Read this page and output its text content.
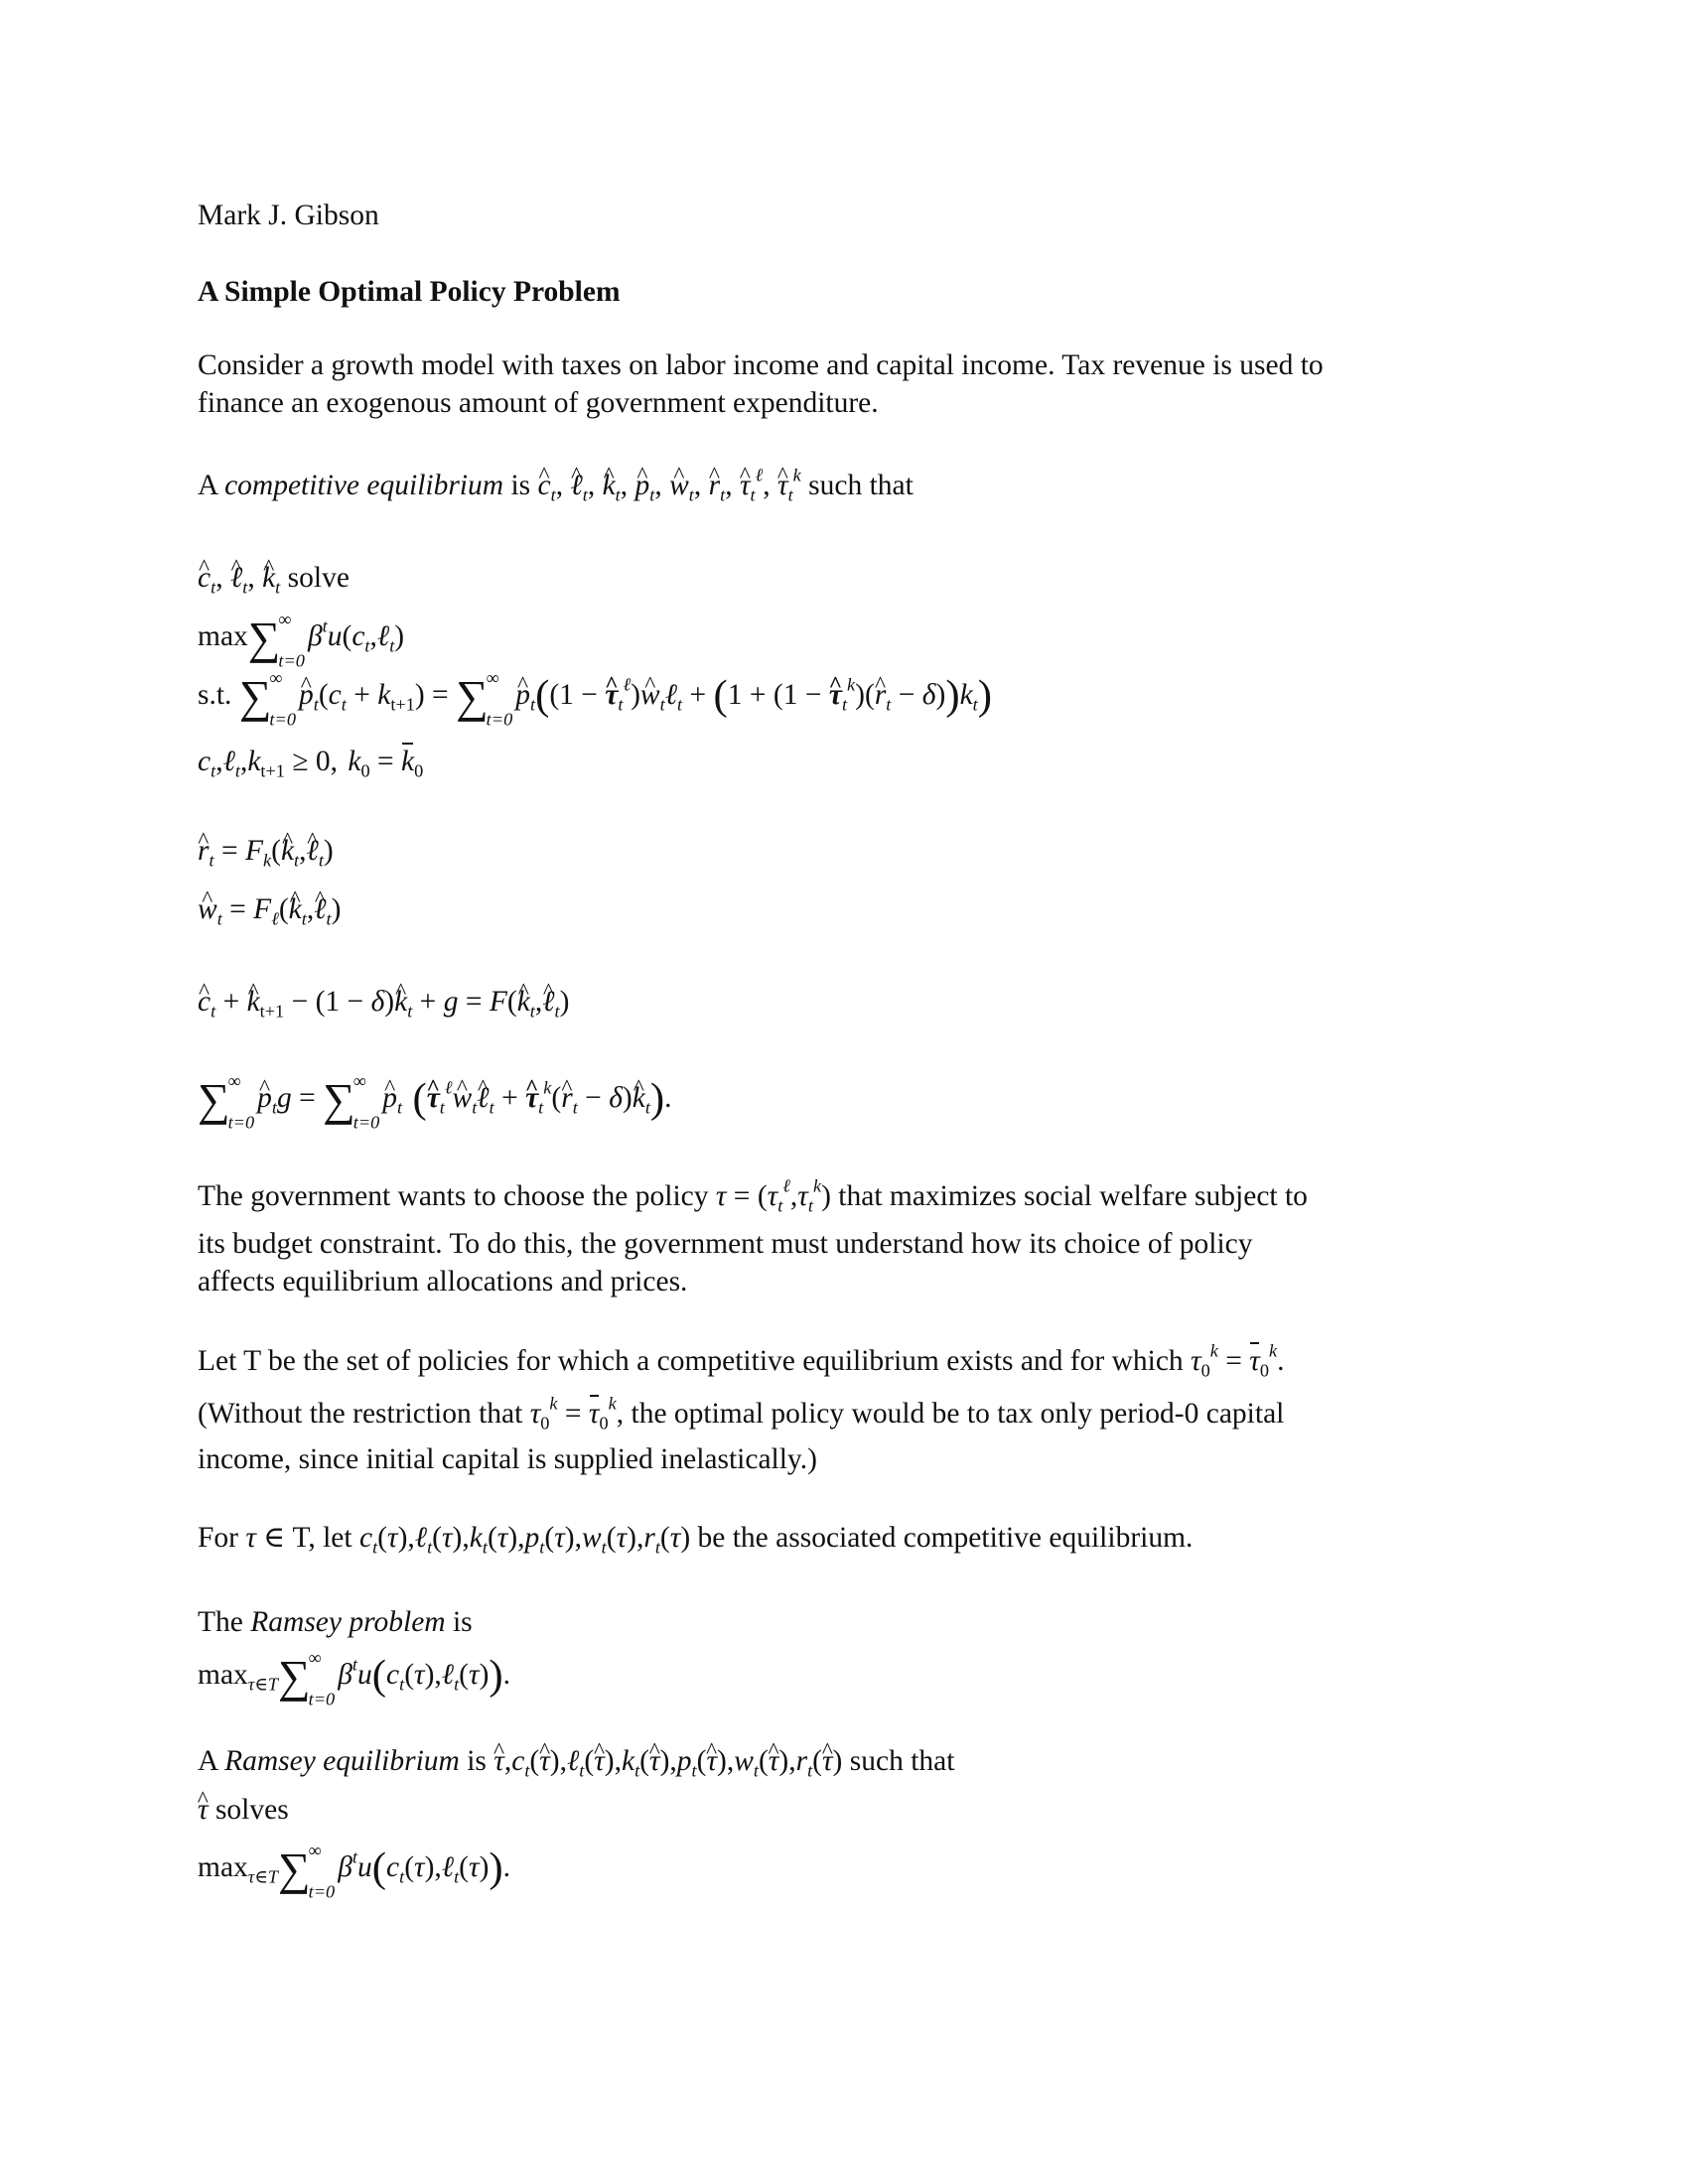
Mark J. Gibson
A Simple Optimal Policy Problem
Consider a growth model with taxes on labor income and capital income. Tax revenue is used to
finance an exogenous amount of government expenditure.
A competitive equilibrium is ^ $c_t$, ^ ℓ$_t$, ^ $k_t$, ^ $p_t$, ^ $w_t$, ^ $r_t$, ^ $\tau_t^\ell$, ^ $\tau_t^k$ such that
^ $c_t$, ^ ℓ$_t$, ^ $k_t$ solve
max∑
∞
t=0
$\beta^tu(c_t,\ell_t)$
s.t. ∑
∞
t=0
^ $p_t(c_t + k_{t+1})$ = ∑
∞
t=0
^ $p_t((1$ − ^ $\tau_t^\ell)\^{}$ $w_t\ell_t + (1 + (1$ − ^ $\tau_t^k)(\^{}$ $r_t - \delta))k_t$)
$c_t,\ell_t,k_{t+1} \ge 0$, $k_0 = k_0$
^ $r_t$ = $F_k(\^{}$ $k_t,\^{}$ ℓ$_t$)
^ $w_t$ = $F_\ell(\^{}$ $k_t,\^{}$ ℓ$_t$)
^ $c_t$ + ^ $k_{t+1} - (1$ − δ)^ $k_t + g$ = F(^ $k_t,\^{}$ ℓ$_t$)
∑
∞
t=0
^ $p_tg$ = ∑
∞
t=0
^ $p_t$ (^ $\tau_t^\ell\^{}$ $w_t\^{}$ ℓ$_t$ + ^ $\tau_t^k(\^{}$ $r_t$ − δ)^ $k_t$).
The government wants to choose the policy $\tau = (\tau_t^\ell,\tau_t^k)$ that maximizes social welfare subject to
its budget constraint. To do this, the government must understand how its choice of policy
affects equilibrium allocations and prices.
Let T be the set of policies for which a competitive equilibrium exists and for which $\tau_0^k = \tau_0^k$.
(Without the restriction that $\tau_0^k = \tau_0^k$, the optimal policy would be to tax only period-0 capital
income, since initial capital is supplied inelastically.)
For τ ∈ T, let $c_t(\tau),\ell_t(\tau),k_t(\tau),p_t(\tau),w_t(\tau),r_t(\tau)$ be the associated competitive equilibrium.
The Ramsey problem is
$\max_{\tau\in T}\sum$
∞
t=0
$\beta^tu(c_t(\tau),\ell_t(\tau))$.
A Ramsey equilibrium is ^ $\tau,c_t(\^{}$ τ),ℓ$_t$(^ $\tau),k_t(\^{}$ $\tau),p_t(\^{}$ $\tau),w_t(\^{}$ $\tau),r_t(\^{}$ τ) such that
^ τ solves
$\max_{\tau\in T}\sum$
∞
t=0
$\beta^tu(c_t(\tau),\ell_t(\tau))$.
